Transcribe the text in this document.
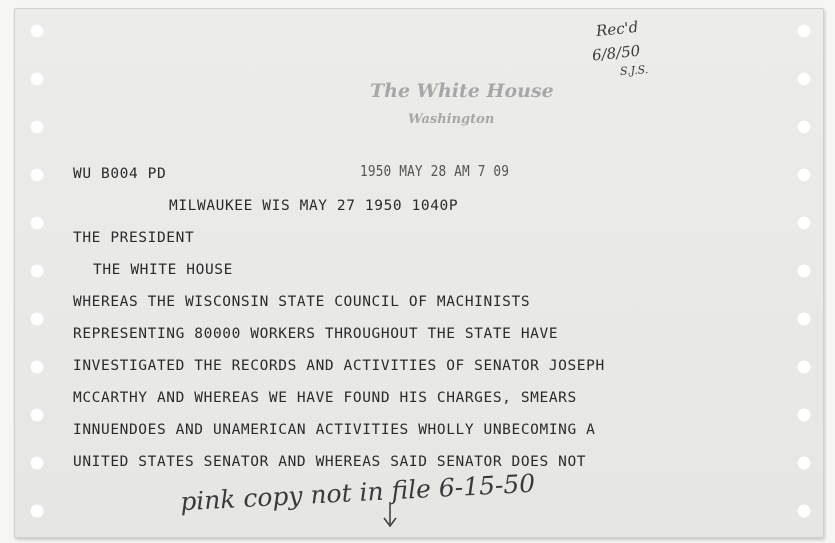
Rec'd
6/8/50
S.J.S.
The White House
Washington
WU B004 PD	1950 MAY 28 AM 7 09
MILWAUKEE WIS MAY 27 1950 1040P
THE PRESIDENT
THE WHITE HOUSE
WHEREAS THE WISCONSIN STATE COUNCIL OF MACHINISTS
REPRESENTING 80000 WORKERS THROUGHOUT THE STATE HAVE
INVESTIGATED THE RECORDS AND ACTIVITIES OF SENATOR JOSEPH
MCCARTHY AND WHEREAS WE HAVE FOUND HIS CHARGES, SMEARS
INNUENDOES AND UNAMERICAN ACTIVITIES WHOLLY UNBECOMING A
UNITED STATES SENATOR AND WHEREAS SAID SENATOR DOES NOT
pink copy not in file 6-15-50
